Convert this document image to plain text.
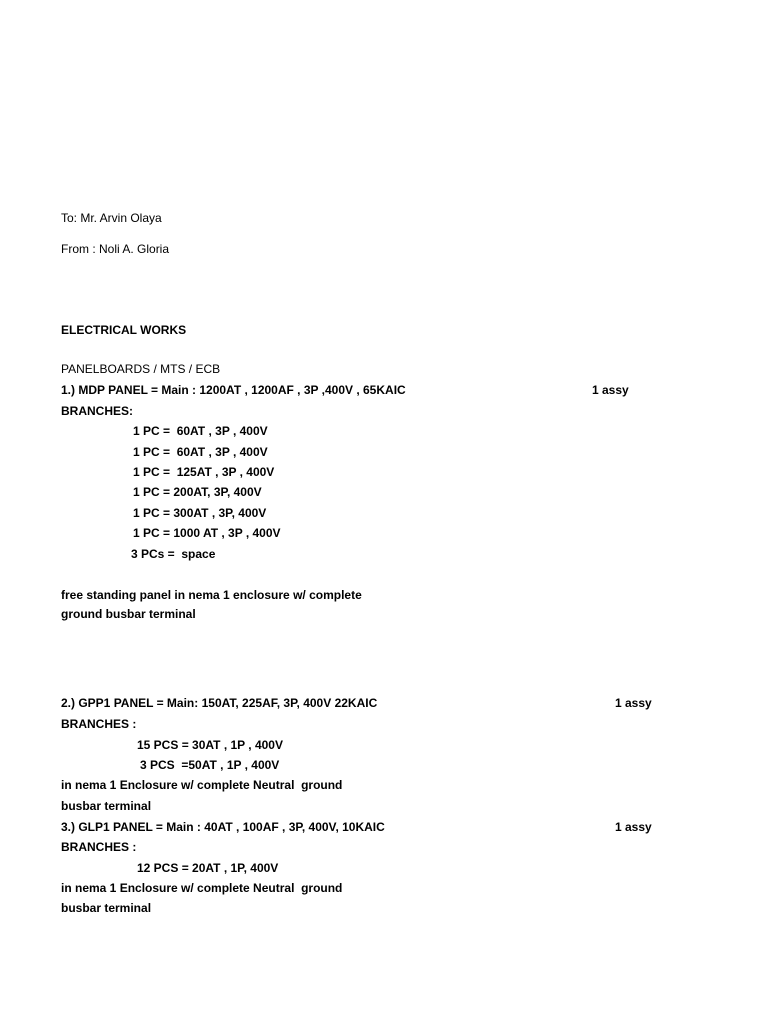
To: Mr. Arvin Olaya
From : Noli A. Gloria
ELECTRICAL WORKS
PANELBOARDS / MTS / ECB
1.) MDP PANEL = Main : 1200AT , 1200AF , 3P ,400V , 65KAIC	1 assy
BRANCHES:
1 PC =  60AT , 3P , 400V
1 PC =  60AT , 3P , 400V
1 PC =  125AT , 3P , 400V
1 PC = 200AT, 3P, 400V
1 PC = 300AT , 3P, 400V
1 PC = 1000 AT , 3P , 400V
3 PCs =  space
free standing panel in nema 1 enclosure w/ complete
ground busbar terminal
2.) GPP1 PANEL = Main: 150AT, 225AF, 3P, 400V 22KAIC	1 assy
BRANCHES :
15 PCS = 30AT , 1P , 400V
3 PCS  =50AT , 1P , 400V
in nema 1 Enclosure w/ complete Neutral  ground
busbar terminal
3.) GLP1 PANEL = Main : 40AT , 100AF , 3P, 400V, 10KAIC	1 assy
BRANCHES :
12 PCS = 20AT , 1P, 400V
in nema 1 Enclosure w/ complete Neutral  ground
busbar terminal
